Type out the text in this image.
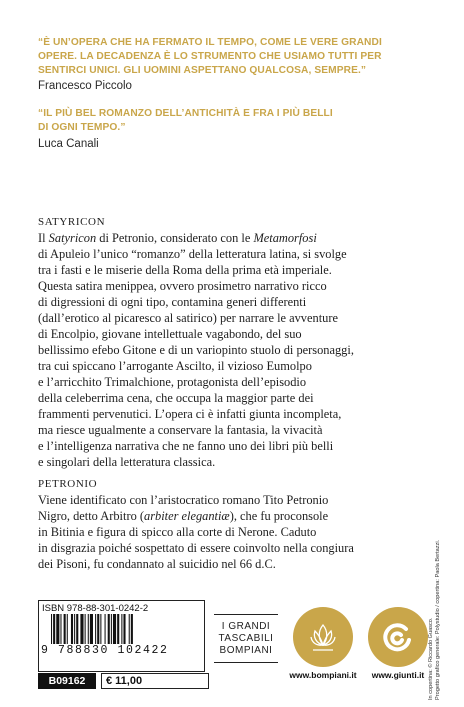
“È UN’OPERA CHE HA FERMATO IL TEMPO, COME LE VERE GRANDI
OPERE. LA DECADENZA È LO STRUMENTO CHE USIAMO TUTTI PER
SENTIRCI UNICI. GLI UOMINI ASPETTANO QUALCOSA, SEMPRE.”
Francesco Piccolo
“IL PIÙ BEL ROMANZO DELL’ANTICHITÀ E FRA I PIÙ BELLI
DI OGNI TEMPO.”
Luca Canali
SATYRICON

Il Satyricon di Petronio, considerato con le Metamorfosi

di Apuleio l’unico “romanzo” della letteratura latina, si svolge

tra i fasti e le miserie della Roma della prima età imperiale.

Questa satira menippea, ovvero prosimetro narrativo ricco

di digressioni di ogni tipo, contamina generi differenti

(dall’erotico al picaresco al satirico) per narrare le avventure

di Encolpio, giovane intellettuale vagabondo, del suo

bellissimo efebo Gitone e di un variopinto stuolo di personaggi,

tra cui spiccano l’arrogante Ascilto, il vizioso Eumolpo

e l’arricchito Trimalchione, protagonista dell’episodio

della celeberrima cena, che occupa la maggior parte dei

frammenti pervenutici. L’opera ci è infatti giunta incompleta,

ma riesce ugualmente a conservare la fantasia, la vivacità

e l’intelligenza narrativa che ne fanno uno dei libri più belli

e singolari della letteratura classica.

PETRONIO

Viene identificato con l’aristocratico romano Tito Petronio

Nigro, detto Arbitro (arbiter elegantiæ), che fu proconsole

in Bitinia e figura di spicco alla corte di Nerone. Caduto

in disgrazia poiché sospettato di essere coinvolto nella congiura

dei Pisoni, fu condannato al suicidio nel 66 d.C.

ISBN 978-88-301-0242-2
9 788830 102422
B09162	€ 11,00
I GRANDI
TASCABILI
BOMPIANI
www.bompiani.it	www.giunti.it In copertina: © Riccardo Guasco. Progetto grafico generale: Polystudio / copertina: Paola Bertazzi.
